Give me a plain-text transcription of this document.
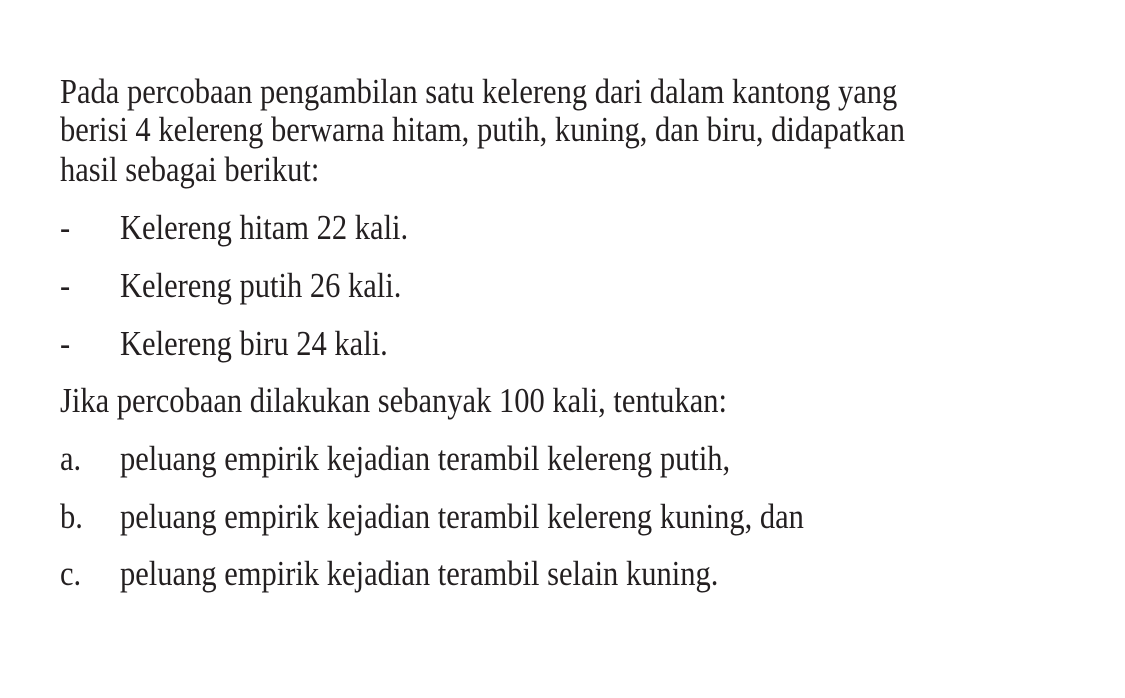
Pada percobaan pengambilan satu kelereng dari dalam kantong yang
berisi 4 kelereng berwarna hitam, putih, kuning, dan biru, didapatkan
hasil sebagai berikut:
- Kelereng hitam 22 kali.
- Kelereng putih 26 kali.
- Kelereng biru 24 kali.
Jika percobaan dilakukan sebanyak 100 kali, tentukan:
a. peluang empirik kejadian terambil kelereng putih,
b. peluang empirik kejadian terambil kelereng kuning, dan
c. peluang empirik kejadian terambil selain kuning.
